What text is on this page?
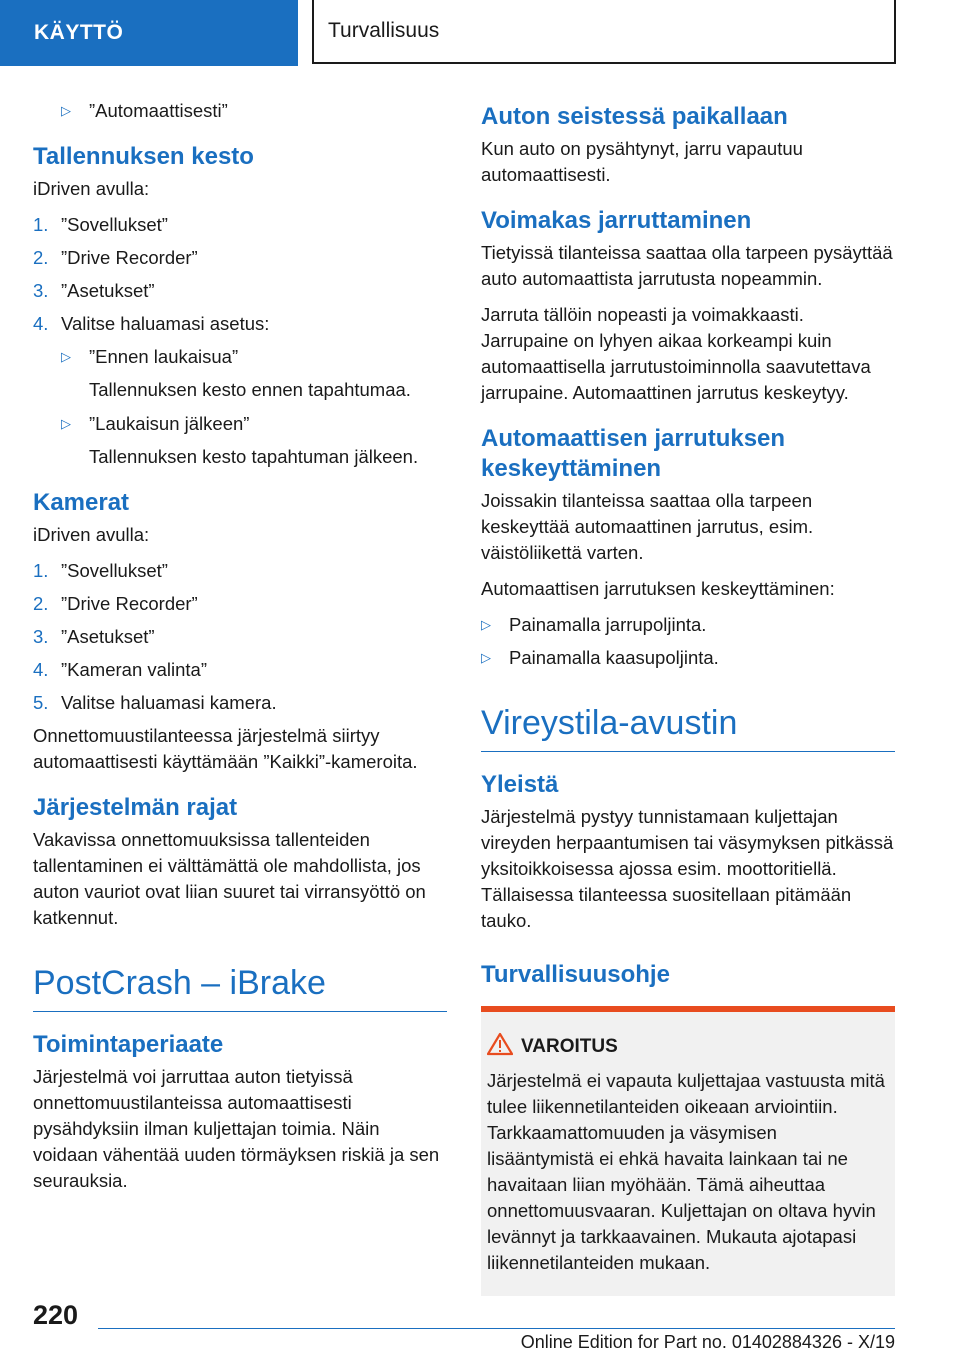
KÄYTTÖ	Turvallisuus
▷ ”Automaattisesti”
Tallennuksen kesto

iDriven avulla:

1. ”Sovellukset”
2. ”Drive Recorder”
3. ”Asetukset”
4. Valitse haluamasi asetus:
▷ ”Ennen laukaisua”
Tallennuksen kesto ennen tapahtumaa.
▷ ”Laukaisun jälkeen”
Tallennuksen kesto tapahtuman jälkeen.
Kamerat

iDriven avulla:

1. ”Sovellukset”
2. ”Drive Recorder”
3. ”Asetukset”
4. ”Kameran valinta”
5. Valitse haluamasi kamera.

Onnettomuustilanteessa järjestelmä siirtyy automaattisesti käyttämään ”Kaikki”-kameroita.

Järjestelmän rajat

Vakavissa onnettomuuksissa tallenteiden tallentaminen ei välttämättä ole mahdollista, jos auton vauriot ovat liian suuret tai virransyöttö on katkennut.

PostCrash – iBrake
Toimintaperiaate

Järjestelmä voi jarruttaa auton tietyissä onnettomuustilanteissa automaattisesti pysähdyksiin ilman kuljettajan toimia. Näin voidaan vähentää uuden törmäyksen riskiä ja sen seurauksia.

Auton seistessä paikallaan

Kun auto on pysähtynyt, jarru vapautuu automaattisesti.

Voimakas jarruttaminen

Tietyissä tilanteissa saattaa olla tarpeen pysäyttää auto automaattista jarrutusta nopeammin.

Jarruta tällöin nopeasti ja voimakkaasti. Jarrupaine on lyhyen aikaa korkeampi kuin automaattisella jarrutustoiminnolla saavutettava jarrupaine. Automaattinen jarrutus keskeytyy.

Automaattisen jarrutuksen keskeyttäminen

Joissakin tilanteissa saattaa olla tarpeen keskeyttää automaattinen jarrutus, esim. väistöliikettä varten.

Automaattisen jarrutuksen keskeyttäminen:

▷ Painamalla jarrupoljinta.
▷ Painamalla kaasupoljinta.
Vireystila-avustin
Yleistä

Järjestelmä pystyy tunnistamaan kuljettajan vireyden herpaantumisen tai väsymyksen pitkässä yksitoikkoisessa ajossa esim. moottoritiellä. Tällaisessa tilanteessa suositellaan pitämään tauko.

Turvallisuusohje
VAROITUS

Järjestelmä ei vapauta kuljettajaa vastuusta mitä tulee liikennetilanteiden oikeaan arviointiin. Tarkkaamattomuuden ja väsymisen lisääntymistä ei ehkä havaita lainkaan tai ne havaitaan liian myöhään. Tämä aiheuttaa onnettomuusvaaran. Kuljettajan on oltava hyvin levännyt ja tarkkaavainen. Mukauta ajotapasi liikennetilanteiden mukaan.

220
Online Edition for Part no. 01402884326 - X/19
